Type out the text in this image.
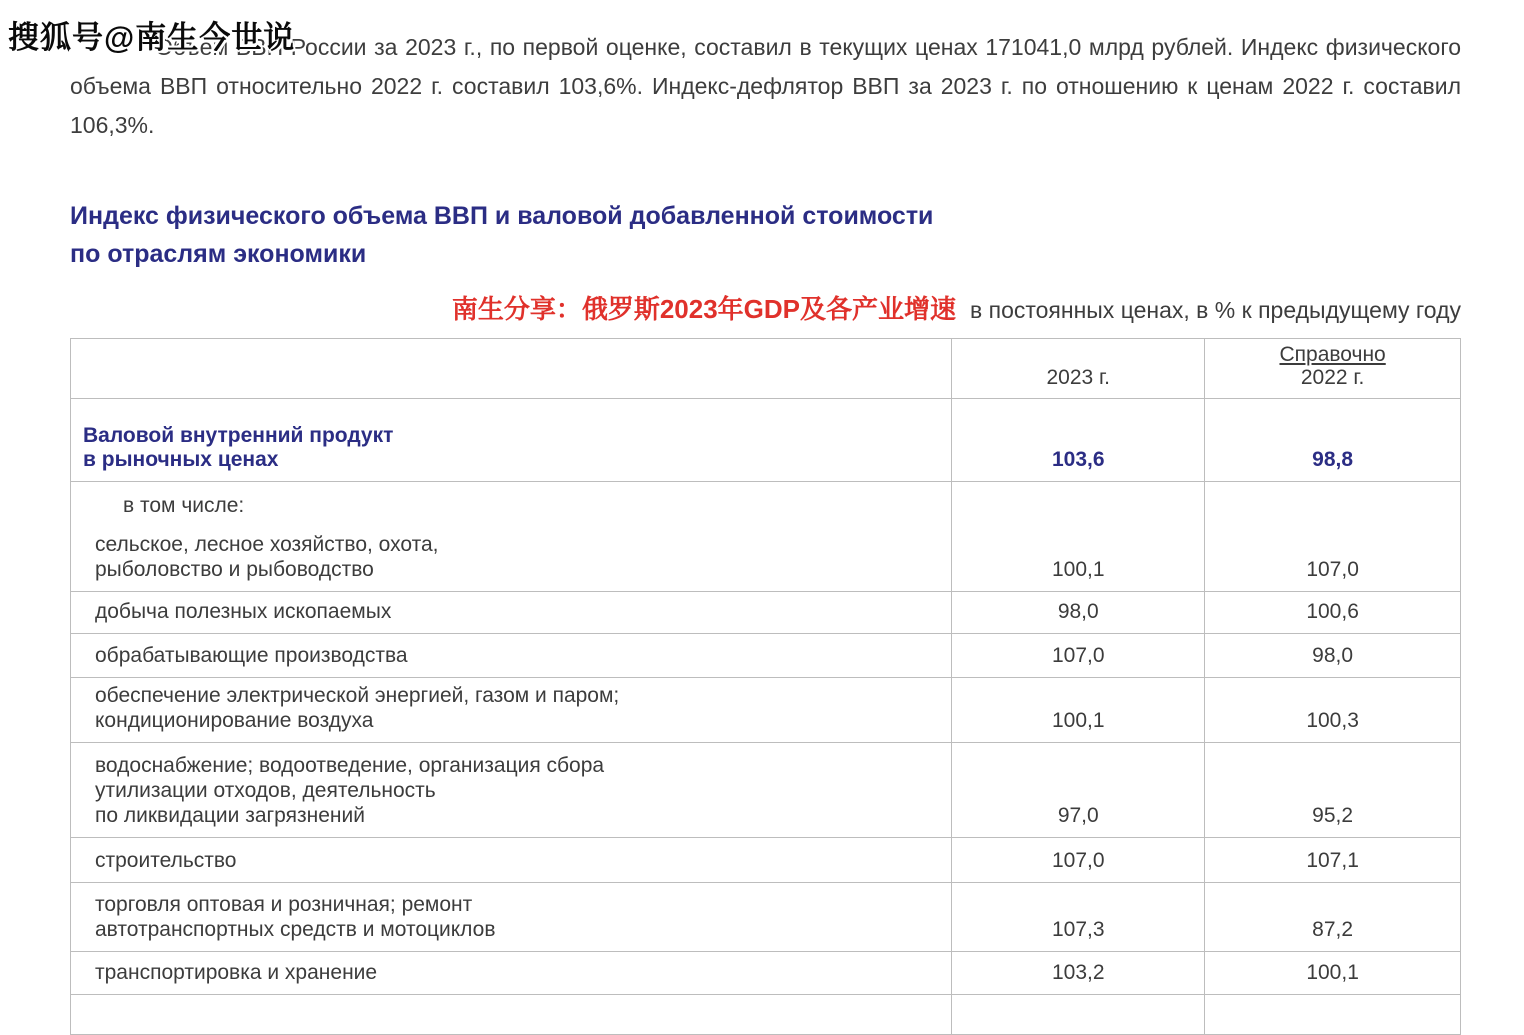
搜狐号@南生今世说

Объем ВВП России за 2023 г., по первой оценке, составил в текущих ценах 171041,0 млрд рублей. Индекс физического объема ВВП относительно 2022 г. составил 103,6%. Индекс-дефлятор ВВП за 2023 г. по отношению к ценам 2022 г. составил 106,3%.

Индекс физического объема ВВП и валовой добавленной стоимости
по отраслям экономики
南生分享：俄罗斯2023年GDP及各产业增速 в постоянных ценах, в % к предыдущему году
	2023 г.	Справочно
2022 г.
Валовой внутренний продукт
в рыночных ценах	103,6	98,8
в том числе:		
сельское, лесное хозяйство, охота,
рыболовство и рыбоводство	100,1	107,0
добыча полезных ископаемых	98,0	100,6
обрабатывающие производства	107,0	98,0
обеспечение электрической энергией, газом и паром;
кондиционирование воздуха	100,1	100,3
водоснабжение; водоотведение, организация сбора
утилизации отходов, деятельность
по ликвидации загрязнений	97,0	95,2
строительство	107,0	107,1
торговля оптовая и розничная; ремонт
автотранспортных средств и мотоциклов	107,3	87,2
транспортировка и хранение	103,2	100,1
